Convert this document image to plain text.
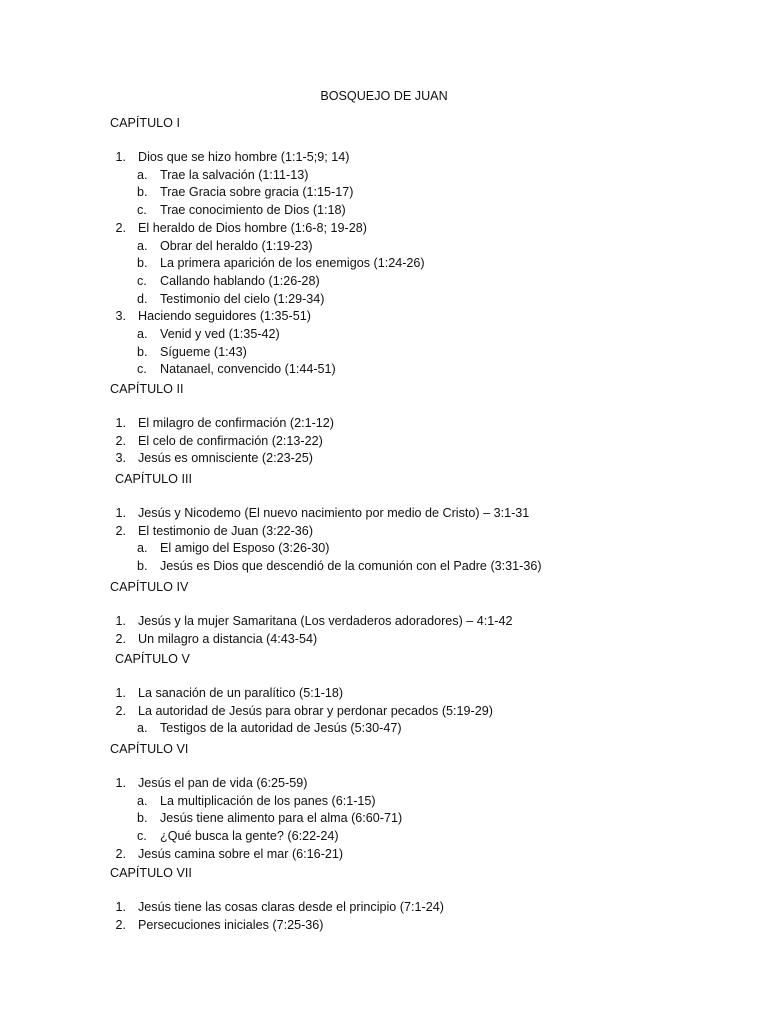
BOSQUEJO DE JUAN
CAPÍTULO I
1. Dios que se hizo hombre (1:1-5;9; 14)
a. Trae la salvación (1:11-13)
b. Trae Gracia sobre gracia (1:15-17)
c. Trae conocimiento de Dios (1:18)
2. El heraldo de Dios hombre (1:6-8; 19-28)
a. Obrar del heraldo (1:19-23)
b. La primera aparición de los enemigos (1:24-26)
c. Callando hablando (1:26-28)
d. Testimonio del cielo (1:29-34)
3. Haciendo seguidores (1:35-51)
a. Venid y ved (1:35-42)
b. Sígueme (1:43)
c. Natanael, convencido (1:44-51)
CAPÍTULO II
1. El milagro de confirmación (2:1-12)
2. El celo de confirmación (2:13-22)
3. Jesús es omnisciente (2:23-25)
CAPÍTULO III
1. Jesús y Nicodemo (El nuevo nacimiento por medio de Cristo) – 3:1-31
2. El testimonio de Juan (3:22-36)
a. El amigo del Esposo (3:26-30)
b. Jesús es Dios que descendió de la comunión con el Padre (3:31-36)
CAPÍTULO IV
1. Jesús y la mujer Samaritana (Los verdaderos adoradores) – 4:1-42
2. Un milagro a distancia (4:43-54)
CAPÍTULO V
1. La sanación de un paralítico (5:1-18)
2. La autoridad de Jesús para obrar y perdonar pecados (5:19-29)
a. Testigos de la autoridad de Jesús (5:30-47)
CAPÍTULO VI
1. Jesús el pan de vida (6:25-59)
a. La multiplicación de los panes (6:1-15)
b. Jesús tiene alimento para el alma (6:60-71)
c. ¿Qué busca la gente? (6:22-24)
2. Jesús camina sobre el mar (6:16-21)
CAPÍTULO VII
1. Jesús tiene las cosas claras desde el principio (7:1-24)
2. Persecuciones iniciales (7:25-36)
